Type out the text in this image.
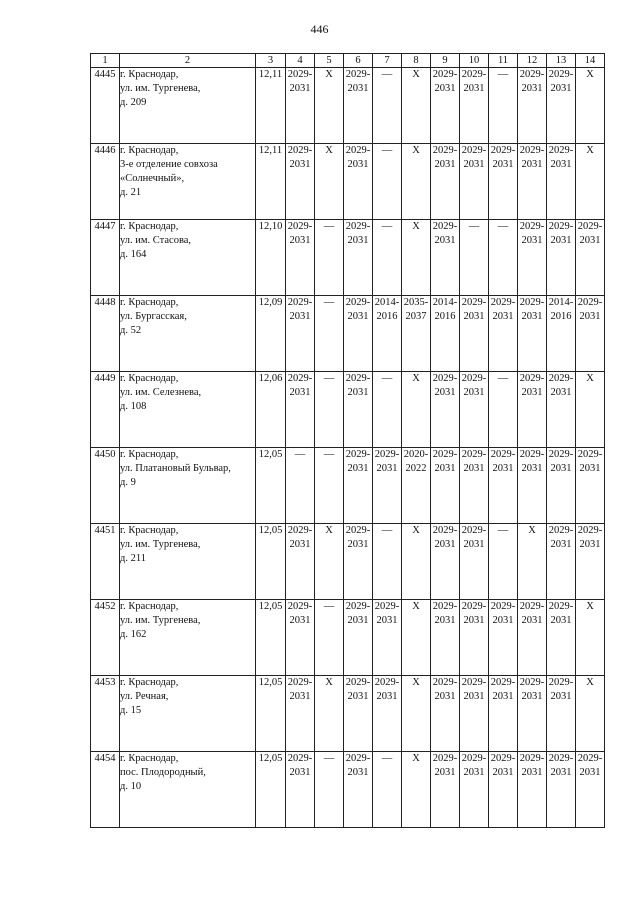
446
1	2	3	4	5	6	7	8	9	10	11	12	13	14
4445	г. Краснодар,
ул. им. Тургенева,
д. 209	12,11	2029-
2031	Х	2029-
2031	—	Х	2029-
2031	2029-
2031	—	2029-
2031	2029-
2031	Х
4446	г. Краснодар,
3-е отделение совхоза
«Солнечный»,
д. 21	12,11	2029-
2031	Х	2029-
2031	—	Х	2029-
2031	2029-
2031	2029-
2031	2029-
2031	2029-
2031	Х
4447	г. Краснодар,
ул. им. Стасова,
д. 164	12,10	2029-
2031	—	2029-
2031	—	Х	2029-
2031	—	—	2029-
2031	2029-
2031	2029-
2031

4448	г. Краснодар,
ул. Бургасская,
д. 52	12,09	2029-
2031	—	2029-
2031	2014-
2016	2035-
2037	2014-
2016	2029-
2031	2029-
2031	2029-
2031	2014-
2016	2029-
2031

4449	г. Краснодар,
ул. им. Селезнева,
д. 108	12,06	2029-
2031	—	2029-
2031	—	Х	2029-
2031	2029-
2031	—	2029-
2031	2029-
2031	Х
4450	г. Краснодар,
ул. Платановый Бульвар,
д. 9	12,05	—	—	2029-
2031	2029-
2031	2020-
2022	2029-
2031	2029-
2031	2029-
2031	2029-
2031	2029-
2031	2029-
2031

4451	г. Краснодар,
ул. им. Тургенева,
д. 211	12,05	2029-
2031	Х	2029-
2031	—	Х	2029-
2031	2029-
2031	—	Х	2029-
2031	2029-
2031

4452	г. Краснодар,
ул. им. Тургенева,
д. 162	12,05	2029-
2031	—	2029-
2031	2029-
2031	Х	2029-
2031	2029-
2031	2029-
2031	2029-
2031	2029-
2031	Х
4453	г. Краснодар,
ул. Речная,
д. 15	12,05	2029-
2031	Х	2029-
2031	2029-
2031	Х	2029-
2031	2029-
2031	2029-
2031	2029-
2031	2029-
2031	Х
4454	г. Краснодар,
пос. Плодородный,
д. 10	12,05	2029-
2031	—	2029-
2031	—	Х	2029-
2031	2029-
2031	2029-
2031	2029-
2031	2029-
2031	2029-
2031
